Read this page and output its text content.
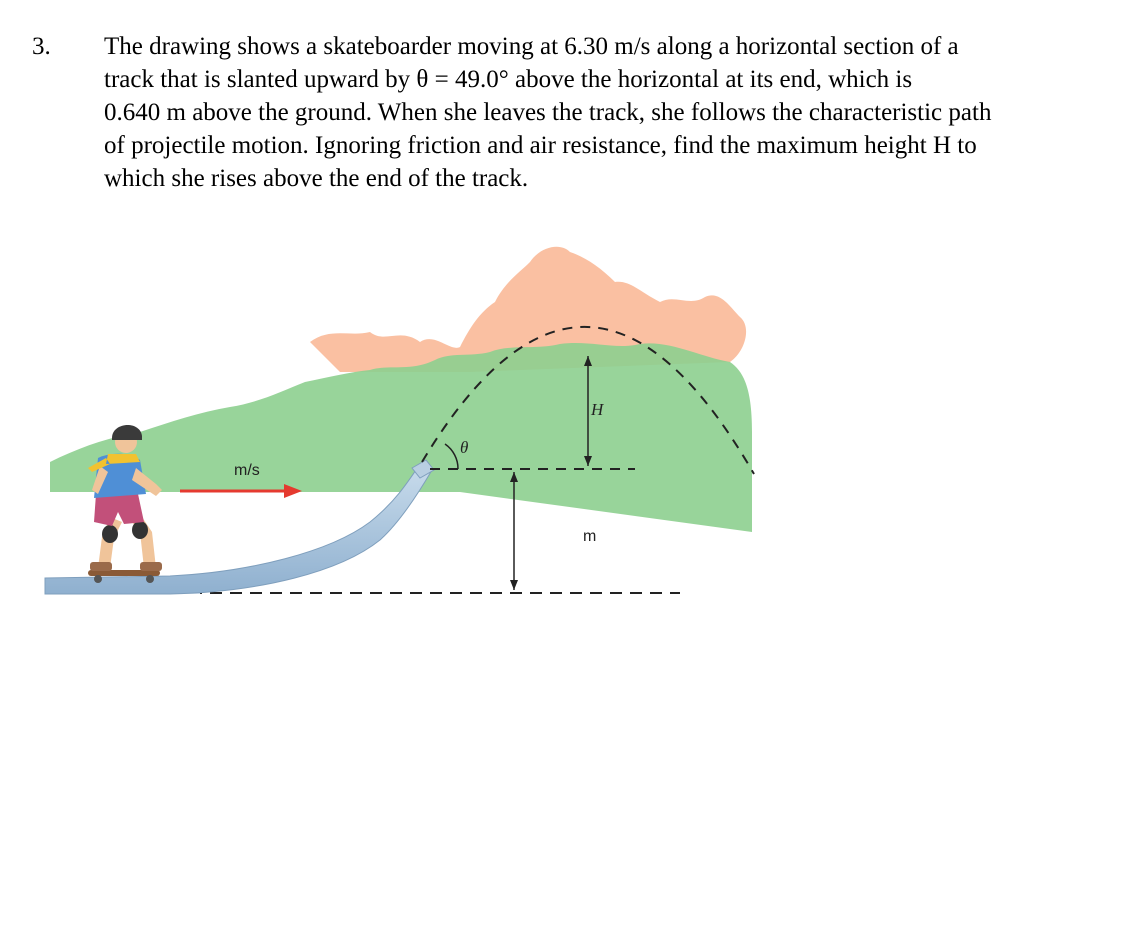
3. The drawing shows a skateboarder moving at 6.30 m/s along a horizontal section of a
track that is slanted upward by θ = 49.0° above the horizontal at its end, which is
0.640 m above the ground. When she leaves the track, she follows the characteristic path
of projectile motion. Ignoring friction and air resistance, find the maximum height H to
which she rises above the end of the track.
m/s
θ
H
m
